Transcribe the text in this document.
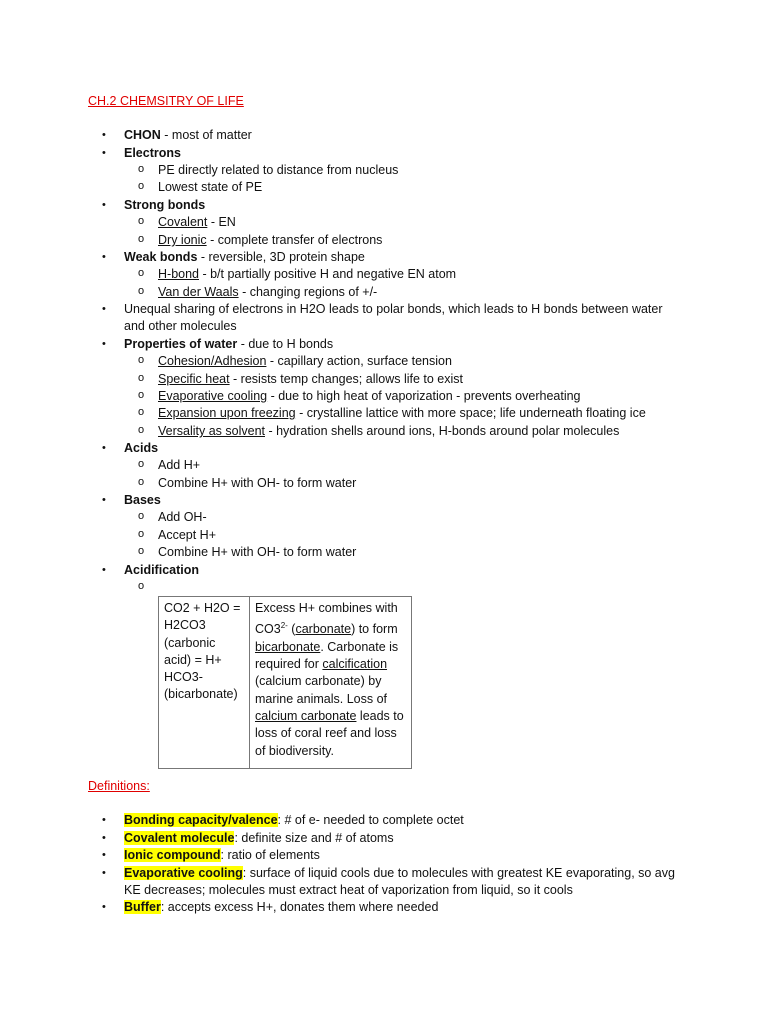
CH.2 CHEMSITRY OF LIFE
• CHON - most of matter
• Electrons
o PE directly related to distance from nucleus
o Lowest state of PE
• Strong bonds
o Covalent - EN
o Dry ionic - complete transfer of electrons
• Weak bonds - reversible, 3D protein shape
o H-bond - b/t partially positive H and negative EN atom
o Van der Waals - changing regions of +/-
• Unequal sharing of electrons in H2O leads to polar bonds, which leads to H bonds between water and other molecules
• Properties of water - due to H bonds
o Cohesion/Adhesion - capillary action, surface tension
o Specific heat - resists temp changes; allows life to exist
o Evaporative cooling - due to high heat of vaporization - prevents overheating
o Expansion upon freezing - crystalline lattice with more space; life underneath floating ice
o Versality as solvent - hydration shells around ions, H-bonds around polar molecules
• Acids
o Add H+
o Combine H+ with OH- to form water
• Bases
o Add OH-
o Accept H+
o Combine H+ with OH- to form water
• Acidification
o
CO2 + H2O = H2CO3 (carbonic acid) = H+ HCO3- (bicarbonate)	Excess H+ combines with $CO3^{2-}$ (carbonate) to form bicarbonate. Carbonate is required for calcification (calcium carbonate) by marine animals. Loss of calcium carbonate leads to loss of coral reef and loss of biodiversity.
Definitions:
• Bonding capacity/valence: # of e- needed to complete octet
• Covalent molecule: definite size and # of atoms
• Ionic compound: ratio of elements
• Evaporative cooling: surface of liquid cools due to molecules with greatest KE evaporating, so avg KE decreases; molecules must extract heat of vaporization from liquid, so it cools
• Buffer: accepts excess H+, donates them where needed
